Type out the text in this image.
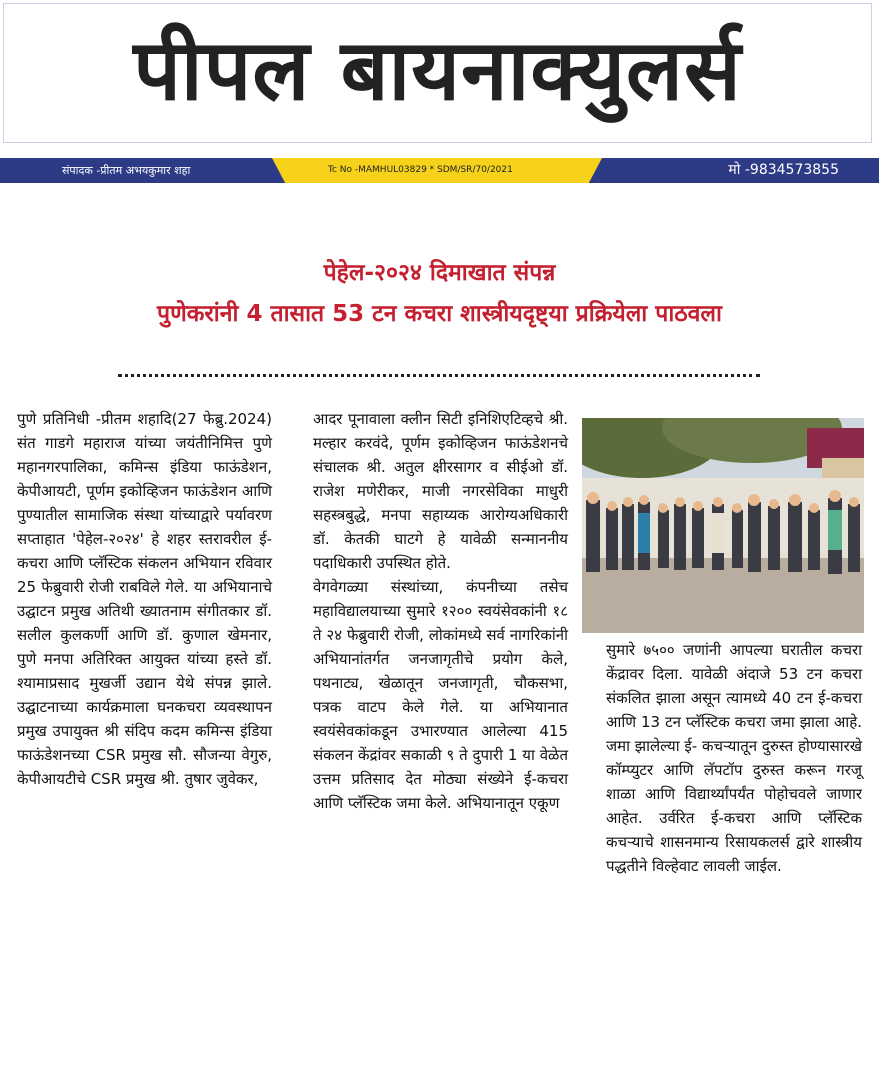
पीपल बायनाक्युलर्स
संपादक -प्रीतम अभयकुमार शहा	Tc No -MAMHUL03829 * SDM/SR/70/2021	मो -9834573855
पेहेल-२०२४ दिमाखात संपन्न
पुणेकरांनी 4 तासात 53 टन कचरा शास्त्रीयदृष्ट्या प्रक्रियेला पाठवला

पुणे प्रतिनिधी -प्रीतम शहादि(27 फेब्रु.2024) संत गाडगे महाराज यांच्या जयंतीनिमित्त पुणे महानगरपालिका, कमिन्स इंडिया फाऊंडेशन, केपीआयटी, पूर्णम इकोव्हिजन फाऊंडेशन आणि पुण्यातील सामाजिक संस्था यांच्याद्वारे पर्यावरण सप्ताहात 'पेहेल-२०२४' हे शहर स्तरावरील ई-कचरा आणि प्लॅस्टिक संकलन अभियान रविवार 25 फेब्रुवारी रोजी राबविले गेले. या अभियानाचे उद्घाटन प्रमुख अतिथी ख्यातनाम संगीतकार डॉ. सलील कुलकर्णी आणि डॉ. कुणाल खेमनार, पुणे मनपा अतिरिक्त आयुक्त यांच्या हस्ते डॉ. श्यामाप्रसाद मुखर्जी उद्यान येथे संपन्न झाले. उद्घाटनाच्या कार्यक्रमाला घनकचरा व्यवस्थापन प्रमुख उपायुक्त श्री संदिप कदम कमिन्स इंडिया फाऊंडेशनच्या CSR प्रमुख सौ. सौजन्या वेगुरु, केपीआयटीचे CSR प्रमुख श्री. तुषार जुवेकर,

आदर पूनावाला क्लीन सिटी इनिशिएटिव्हचे श्री. मल्हार करवंदे, पूर्णम इकोव्हिजन फाऊंडेशनचे संचालक श्री. अतुल क्षीरसागर व सीईओ डॉ. राजेश मणेरीकर, माजी नगरसेविका माधुरी सहस्त्रबुद्धे, मनपा सहाय्यक आरोग्यअधिकारी डॉ. केतकी घाटगे हे यावेळी सन्माननीय पदाधिकारी उपस्थित होते.

वेगवेगळ्या संस्थांच्या, कंपनीच्या तसेच महाविद्यालयाच्या सुमारे १२०० स्वयंसेवकांनी १८ ते २४ फेब्रुवारी रोजी, लोकांमध्ये सर्व नागरिकांनी अभियानांतर्गत जनजागृतीचे प्रयोग केले, पथनाट्य, खेळातून जनजागृती, चौकसभा, पत्रक वाटप केले गेले. या अभियानात स्वयंसेवकांकडून उभारण्यात आलेल्या 415 संकलन केंद्रांवर सकाळी ९ ते दुपारी 1 या वेळेत उत्तम प्रतिसाद देत मोठ्या संख्येने ई-कचरा आणि प्लॅस्टिक जमा केले. अभियानातून एकूण

सुमारे ७५०० जणांनी आपल्या घरातील कचरा केंद्रावर दिला. यावेळी अंदाजे 53 टन कचरा संकलित झाला असून त्यामध्ये 40 टन ई-कचरा आणि 13 टन प्लॅस्टिक कचरा जमा झाला आहे. जमा झालेल्या ई- कचऱ्यातून दुरुस्त होण्यासारखे कॉम्प्युटर आणि लॅपटॉप दुरुस्त करून गरजू शाळा आणि विद्यार्थ्यांपर्यंत पोहोचवले जाणार आहेत. उर्वरित ई-कचरा आणि प्लॅस्टिक कचऱ्याचे शासनमान्य रिसायकलर्स द्वारे शास्त्रीय पद्धतीने विल्हेवाट लावली जाईल.
